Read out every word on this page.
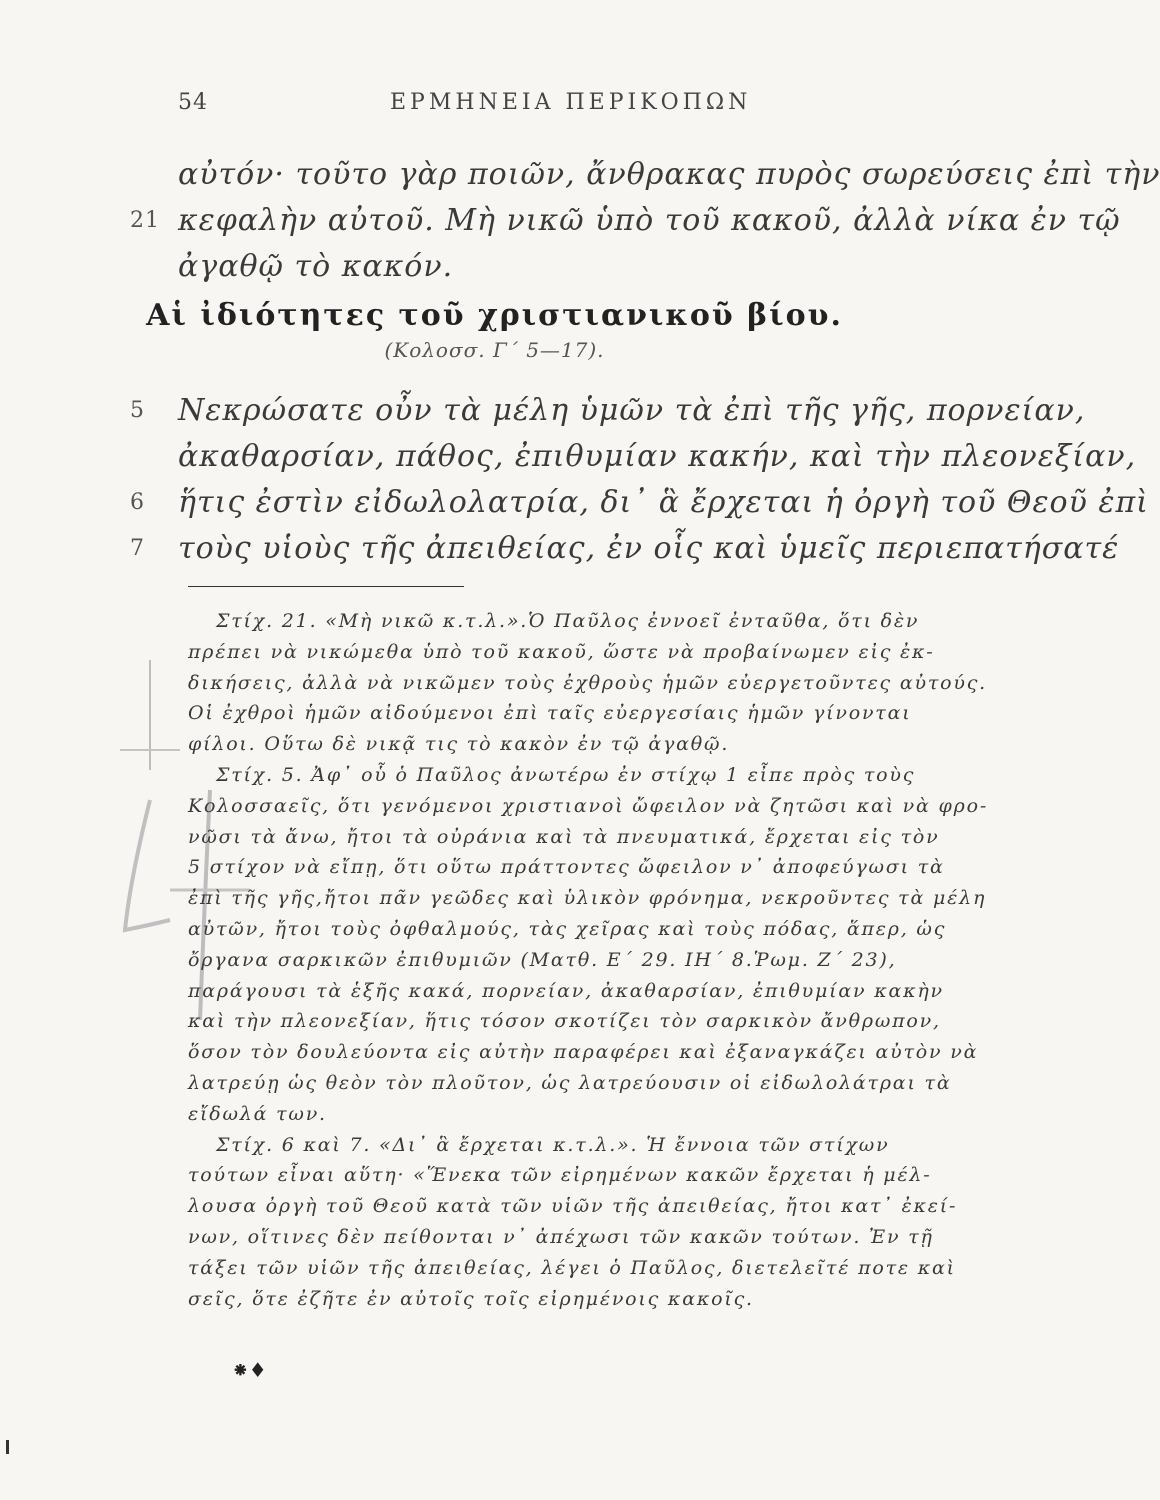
54	ΕΡΜΗΝΕΙΑ ΠΕΡΙΚΟΠΩΝ
αὐτόν· τοῦτο γὰρ ποιῶν, ἄνθρακας πυρὸς σωρεύσεις ἐπὶ τὴν
21 κεφαλὴν αὐτοῦ. Μὴ νικῶ ὑπὸ τοῦ κακοῦ, ἀλλὰ νίκα ἐν τῷ
ἀγαθῷ τὸ κακόν.
Αἱ ἰδιότητες τοῦ χριστιανικοῦ βίου.
(Κολοσσ. Γ΄ 5—17).
5 Νεκρώσατε οὖν τὰ μέλη ὑμῶν τὰ ἐπὶ τῆς γῆς, πορνείαν,
ἀκαθαρσίαν, πάθος, ἐπιθυμίαν κακήν, καὶ τὴν πλεονεξίαν,
6 ἥτις ἐστὶν εἰδωλολατρία, δι᾽ ἃ ἔρχεται ἡ ὀργὴ τοῦ Θεοῦ ἐπὶ
7 τοὺς υἱοὺς τῆς ἀπειθείας, ἐν οἷς καὶ ὑμεῖς περιεπατήσατέ
Στίχ. 21. «Μὴ νικῶ κ.τ.λ.».Ὁ Παῦλος ἐννοεῖ ἐνταῦθα, ὅτι δὲν
πρέπει νὰ νικώμεθα ὑπὸ τοῦ κακοῦ, ὥστε νὰ προβαίνωμεν εἰς ἐκ-
δικήσεις, ἀλλὰ νὰ νικῶμεν τοὺς ἐχθροὺς ἡμῶν εὐεργετοῦντες αὐτούς.
Οἱ ἐχθροὶ ἡμῶν αἰδούμενοι ἐπὶ ταῖς εὐεργεσίαις ἡμῶν γίνονται
φίλοι. Οὕτω δὲ νικᾷ τις τὸ κακὸν ἐν τῷ ἀγαθῷ.
Στίχ. 5. Ἀφ᾽ οὗ ὁ Παῦλος ἀνωτέρω ἐν στίχῳ 1 εἶπε πρὸς τοὺς
Κολοσσαεῖς, ὅτι γενόμενοι χριστιανοὶ ὤφειλον νὰ ζητῶσι καὶ νὰ φρο-
νῶσι τὰ ἄνω, ἤτοι τὰ οὐράνια καὶ τὰ πνευματικά, ἔρχεται εἰς τὸν
5 στίχον νὰ εἴπῃ, ὅτι οὕτω πράττοντες ὤφειλον ν᾽ ἀποφεύγωσι τὰ
ἐπὶ τῆς γῆς,ἤτοι πᾶν γεῶδες καὶ ὑλικὸν φρόνημα, νεκροῦντες τὰ μέλη
αὐτῶν, ἤτοι τοὺς ὀφθαλμούς, τὰς χεῖρας καὶ τοὺς πόδας, ἅπερ, ὡς
ὄργανα σαρκικῶν ἐπιθυμιῶν (Ματθ. Ε΄ 29. ΙΗ΄ 8.Ῥωμ. Ζ΄ 23),
παράγουσι τὰ ἑξῆς κακά, πορνείαν, ἀκαθαρσίαν, ἐπιθυμίαν κακὴν
καὶ τὴν πλεονεξίαν, ἥτις τόσον σκοτίζει τὸν σαρκικὸν ἄνθρωπον,
ὅσον τὸν δουλεύοντα εἰς αὐτὴν παραφέρει καὶ ἐξαναγκάζει αὐτὸν νὰ
λατρεύῃ ὡς θεὸν τὸν πλοῦτον, ὡς λατρεύουσιν οἱ εἰδωλολάτραι τὰ
εἴδωλά των.
Στίχ. 6 καὶ 7. «Δι᾽ ἃ ἔρχεται κ.τ.λ.». Ἡ ἔννοια τῶν στίχων
τούτων εἶναι αὕτη· «Ἕνεκα τῶν εἰρημένων κακῶν ἔρχεται ἡ μέλ-
λουσα ὀργὴ τοῦ Θεοῦ κατὰ τῶν υἱῶν τῆς ἀπειθείας, ἤτοι κατ᾽ ἐκεί-
νων, οἵτινες δὲν πείθονται ν᾽ ἀπέχωσι τῶν κακῶν τούτων. Ἐν τῇ
τάξει τῶν υἱῶν τῆς ἀπειθείας, λέγει ὁ Παῦλος, διετελεῖτέ ποτε καὶ
σεῖς, ὅτε ἐζῆτε ἐν αὐτοῖς τοῖς εἰρημένοις κακοῖς.
⁕♦
